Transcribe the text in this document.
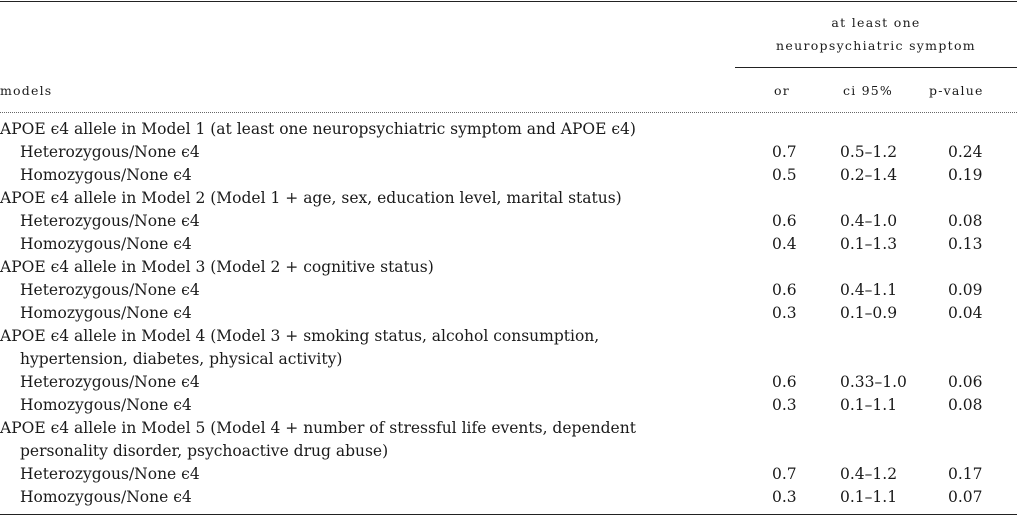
at least one
neuropsychiatric symptom
models	or	ci 95%	p-value
APOE ϵ4 allele in Model 1 (at least one neuropsychiatric symptom and APOE ϵ4)
Heterozygous/None ϵ4	0.7	0.5–1.2	0.24
Homozygous/None ϵ4	0.5	0.2–1.4	0.19
APOE ϵ4 allele in Model 2 (Model 1 + age, sex, education level, marital status)
Heterozygous/None ϵ4	0.6	0.4–1.0	0.08
Homozygous/None ϵ4	0.4	0.1–1.3	0.13
APOE ϵ4 allele in Model 3 (Model 2 + cognitive status)
Heterozygous/None ϵ4	0.6	0.4–1.1	0.09
Homozygous/None ϵ4	0.3	0.1–0.9	0.04
APOE ϵ4 allele in Model 4 (Model 3 + smoking status, alcohol consumption,
hypertension, diabetes, physical activity)
Heterozygous/None ϵ4	0.6	0.33–1.0	0.06
Homozygous/None ϵ4	0.3	0.1–1.1	0.08
APOE ϵ4 allele in Model 5 (Model 4 + number of stressful life events, dependent
personality disorder, psychoactive drug abuse)
Heterozygous/None ϵ4	0.7	0.4–1.2	0.17
Homozygous/None ϵ4	0.3	0.1–1.1	0.07
